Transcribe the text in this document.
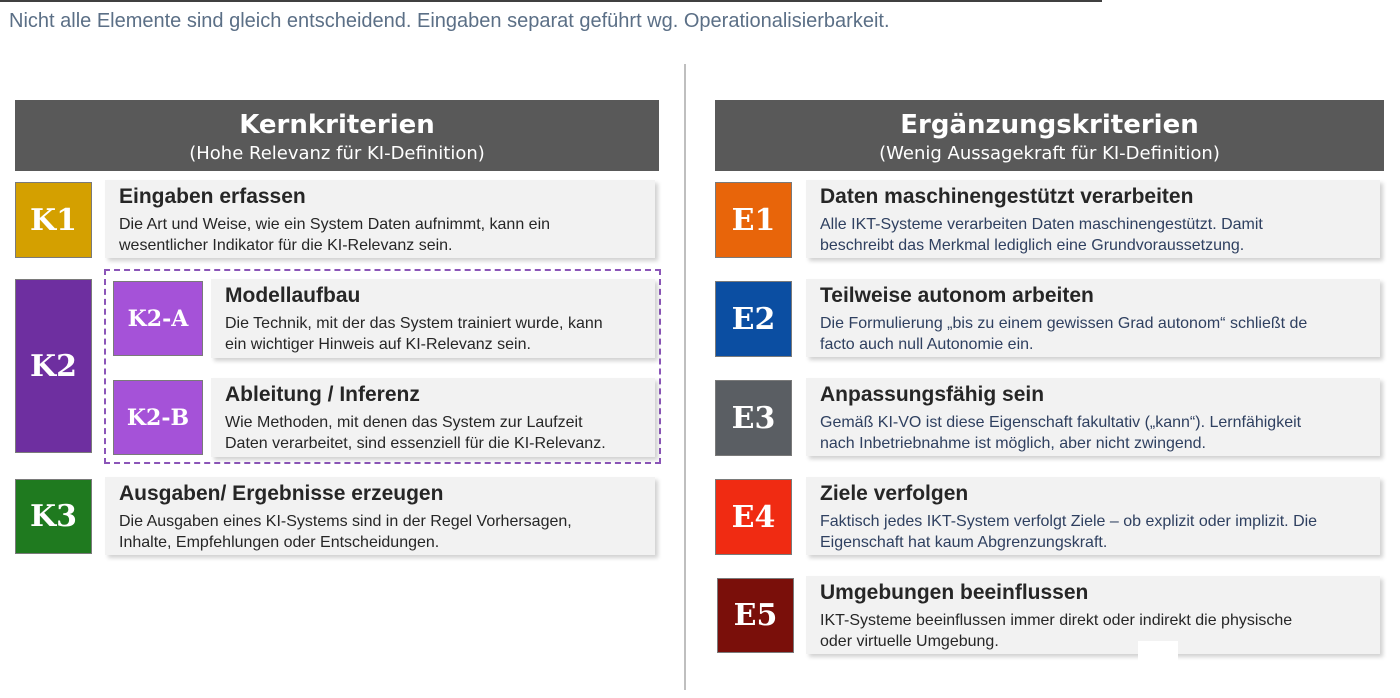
Nicht alle Elemente sind gleich entscheidend. Eingaben separat geführt wg. Operationalisierbarkeit.
Kernkriterien
(Hohe Relevanz für KI-Definition)
K1
Eingaben erfassen
Die Art und Weise, wie ein System Daten aufnimmt, kann ein
wesentlicher Indikator für die KI-Relevanz sein.
K2
K2-A
Modellaufbau
Die Technik, mit der das System trainiert wurde, kann
ein wichtiger Hinweis auf KI-Relevanz sein.
K2-B
Ableitung / Inferenz
Wie Methoden, mit denen das System zur Laufzeit
Daten verarbeitet, sind essenziell für die KI-Relevanz.
K3
Ausgaben/ Ergebnisse erzeugen
Die Ausgaben eines KI-Systems sind in der Regel Vorhersagen,
Inhalte, Empfehlungen oder Entscheidungen.
Ergänzungskriterien
(Wenig Aussagekraft für KI-Definition)
E1
Daten maschinengestützt verarbeiten
Alle IKT-Systeme verarbeiten Daten maschinengestützt. Damit
beschreibt das Merkmal lediglich eine Grundvoraussetzung.
E2
Teilweise autonom arbeiten
Die Formulierung „bis zu einem gewissen Grad autonom“ schließt de
facto auch null Autonomie ein.
E3
Anpassungsfähig sein
Gemäß KI-VO ist diese Eigenschaft fakultativ („kann“). Lernfähigkeit
nach Inbetriebnahme ist möglich, aber nicht zwingend.
E4
Ziele verfolgen
Faktisch jedes IKT-System verfolgt Ziele – ob explizit oder implizit. Die
Eigenschaft hat kaum Abgrenzungskraft.
E5
Umgebungen beeinflussen
IKT-Systeme beeinflussen immer direkt oder indirekt die physische
oder virtuelle Umgebung.
